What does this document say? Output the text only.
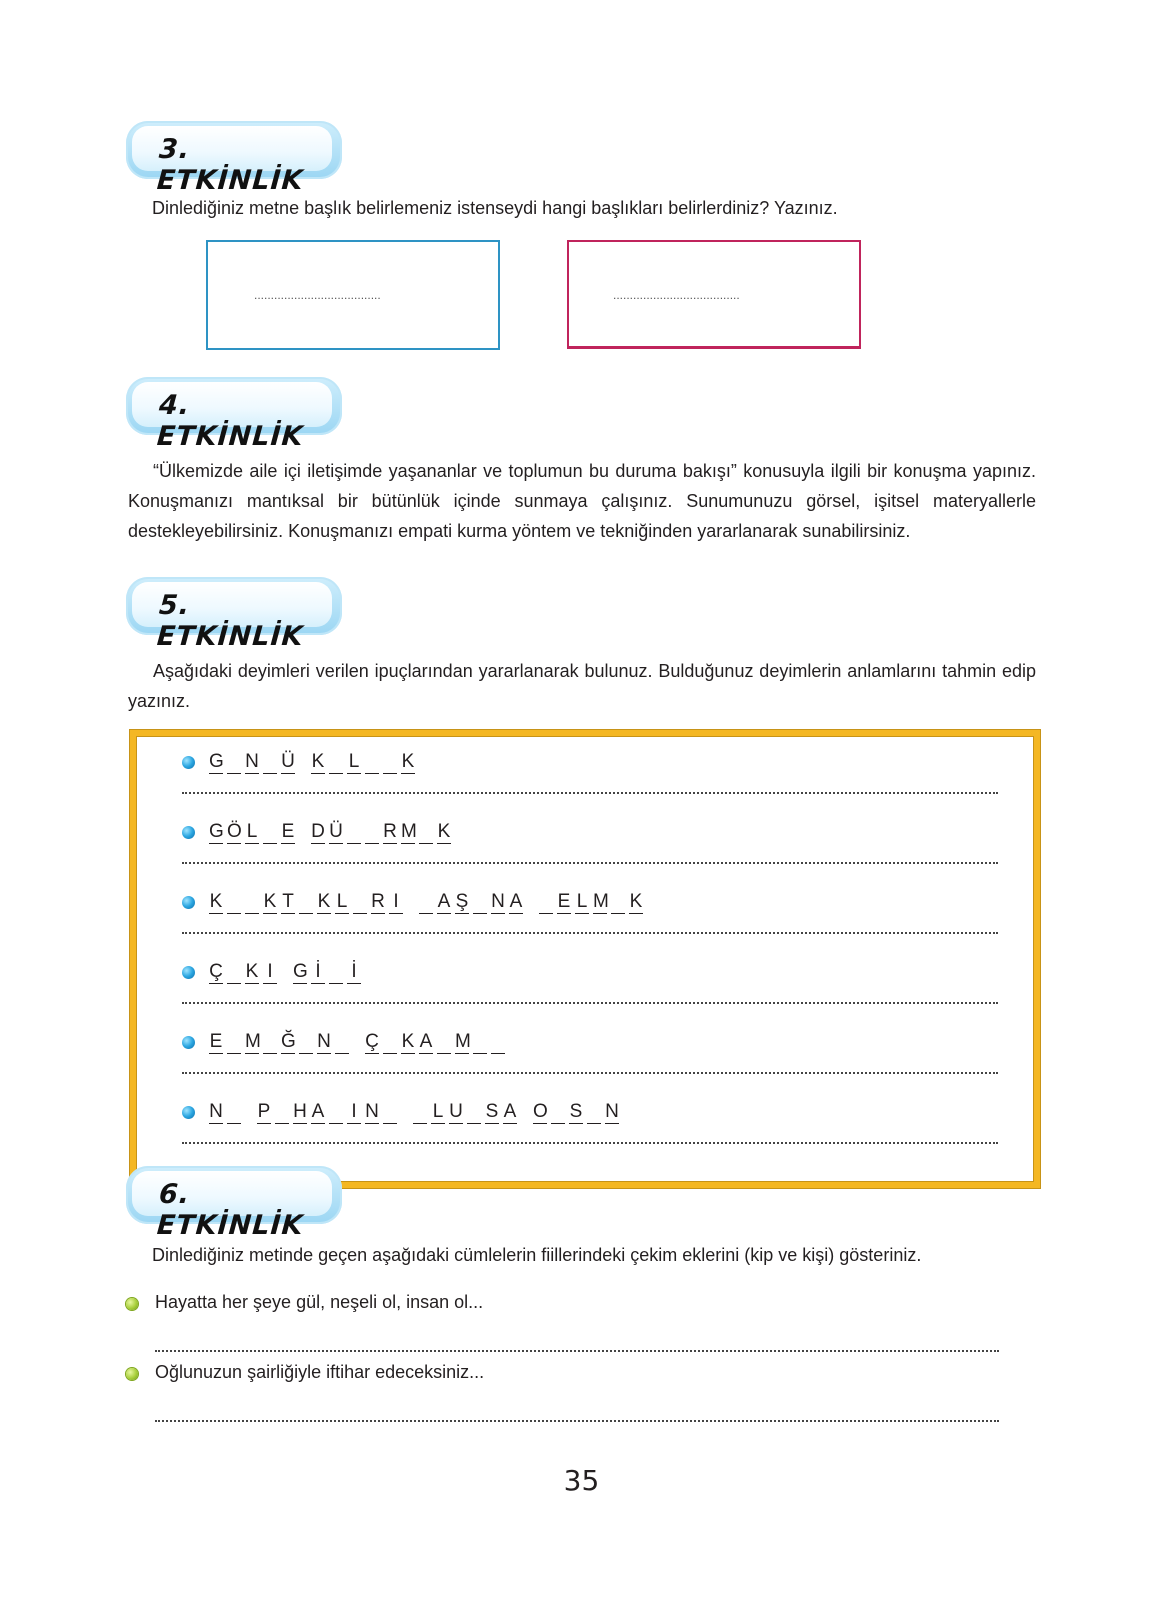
3. ETKİNLİK

Dinlediğiniz metne başlık belirlemeniz istenseydi hangi başlıkları belirlerdiniz? Yazınız.

......................................	......................................
4. ETKİNLİK

“Ülkemizde aile içi iletişimde yaşananlar ve toplumun bu duruma bakışı” konusuyla ilgili bir konuşma yapınız. Konuşmanızı mantıksal bir bütünlük içinde sunmaya çalışınız. Sunumunuzu görsel, işitsel materyallerle destekleyebilirsiniz. Konuşmanızı empati kurma yöntem ve tekniğinden yararlanarak sunabilirsiniz.

5. ETKİNLİK

Aşağıdaki deyimleri verilen ipuçlarından yararlanarak bulunuz. Bulduğunuz deyimlerin anlamlarını tahmin edip yazınız.

G N Ü K L K
G Ö L E D Ü R M K
K K T K L R I A Ş N A E L M K
Ç K I G İ İ
E M Ğ N Ç K A M
N P H A I N	L U S A O S N
6. ETKİNLİK

Dinlediğiniz metinde geçen aşağıdaki cümlelerin fiillerindeki çekim eklerini (kip ve kişi) gösteriniz.

Hayatta her şeye gül, neşeli ol, insan ol...

Oğlunuzun şairliğiyle iftihar edeceksiniz...

35
